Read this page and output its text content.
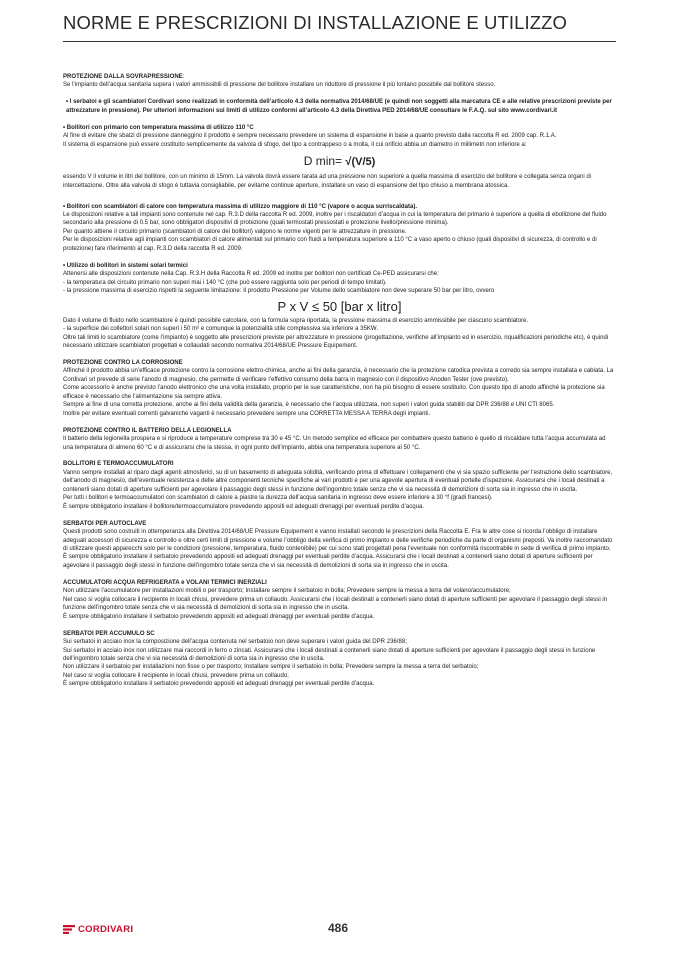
NORME E PRESCRIZIONI DI INSTALLAZIONE E UTILIZZO

PROTEZIONE DALLA SOVRAPRESSIONE:

Se l’impianto dell’acqua sanitaria supera i valori ammissibili di pressione del bollitore installare un riduttore di pressione il più lontano possibile dal bollitore stesso.

• I serbatoi e gli scambiatori Cordivari sono realizzati in conformità dell’articolo 4.3 della normativa 2014/68/UE (e quindi non soggetti alla marcatura CE e alle relative prescrizioni previste per attrezzature in pressione). Per ulteriori informazioni sui limiti di utilizzo conformi all’articolo 4.3 della Direttiva PED 2014/68/UE consultare le F.A.Q. sul sito www.cordivari.it

• Bollitori con primario con temperatura massima di utilizzo 110 °C

Al fine di evitare che sbalzi di pressione danneggino il prodotto è sempre necessario prevedere un sistema di espansione in base a quanto previsto dalla raccolta R ed. 2009 cap. R.1.A.

Il sistema di espansione può essere costituito semplicemente da valvola di sfogo, del tipo a contrappeso o a molla, il cui orificio abbia un diametro in millimetri non inferiore a:

D min= √(V/5)

essendo V il volume in litri del bollitore, con un minimo di 15mm. La valvola dovrà essere tarata ad una pressione non superiore a quella massima di esercizio del bollitore e collegata senza organi di intercettazione. Oltre alla valvola di sfogo è tuttavia consigliabile, per evitarne continue aperture, installare un vaso di espansione del tipo chiuso a membrana atossica.

• Bollitori con scambiatori di calore con temperatura massima di utilizzo maggiore di 110 °C (vapore o acqua surriscaldata).

Le disposizioni relative a tali impianti sono contenute nel cap. R.3.D della raccolta R ed. 2009, inoltre per i riscaldatori d’acqua in cui la temperatura del primario è superiore a quella di ebollizione del fluido secondario alla pressione di 0.5 bar, sono obbligatori dispositivi di protezione (quali termostati pressostati e protezione livello/pressione minima).

Per quanto attiene il circuito primario (scambiatori di calore dei bollitori) valgono le norme vigenti per le attrezzature in pressione.

Per le disposizioni relative agli impianti con scambiatori di calore alimentati sul primario con fluidi a temperatura superiore a 110 °C a vaso aperto o chiuso (quali dispositivi di sicurezza, di controllo e di protezione) fare riferimento al cap. R.3.D della raccolta R ed. 2009.

• Utilizzo di bollitori in sistemi solari termici

Attenersi alle disposizioni contenute nella Cap. R.3.H della Raccolta R ed. 2009 ed inoltre per bollitori non certificati Ce-PED assicurarsi che:

- la temperatura del circuito primario non superi mai i 140 °C (che può essere raggiunta solo per periodi di tempo limitati).

- la pressione massima di esercizio rispetti la seguente limitazione: Il prodotto Pressione per Volume dello scambiatore non deve superare 50 bar per litro, ovvero

P x V ≤ 50 [bar x litro]

Dato il volume di fluido nello scambiatore è quindi possibile calcolare, con la formula sopra riportata, la pressione massima di esercizio ammissibile per ciascuno scambiatore.

- la superficie dei collettori solari non superi i 50 m² e comunque la potenzialità utile complessiva sia inferiore a 35KW.

Oltre tali limiti lo scambiatore (come l’impianto) è soggetto alle prescrizioni previste per attrezzature in pressione (progettazione, verifiche all’impianto ed in esercizio, riqualificazioni periodiche etc), è quindi necessario utilizzare scambiatori progettati e collaudati secondo normativa 2014/68/UE Pressure Equipement.

PROTEZIONE CONTRO LA CORROSIONE

Affinché il prodotto abbia un’efficace protezione contro la corrosione elettro-chimica, anche ai fini della garanzia, è necessario che la protezione catodica prevista a corredo sia sempre installata e cablata. La Cordivari srl prevede di serie l’anodo di magnesio, che permette di verificare l’effettivo consumo della barra in magnesio con il dispositivo Anoden Tester (ove previsto).

Come accessorio è anche previsto l’anodo elettronico che una volta installato, proprio per le sue caratteristiche, non ha più bisogno di essere sostituito. Con questo tipo di anodo affinché la protezione sia efficace è necessario che l’alimentazione sia sempre attiva.

Sempre ai fine di una corretta protezione, anche ai fini della validità della garanzia, è necessario che l’acqua utilizzata, non superi i valori guida stabiliti dal DPR 236/88 e UNI CTI 8065.

Inoltre per evitare eventuali correnti galvaniche vaganti è necessario prevedere sempre una CORRETTA MESSA A TERRA degli impianti.

PROTEZIONE CONTRO IL BATTERIO DELLA LEGIONELLA

Il batterio della legionella prospera e si riproduce a temperature comprese tra 30 e 45 °C. Un metodo semplice ed efficace per combattere questo batterio è quello di riscaldare tutta l’acqua accumulata ad una temperatura di almeno 60 °C e di assicurarsi che la stessa, in ogni punto dell’impianto, abbia una temperatura superiore ai 50 °C.

BOLLITORI E TERMOACCUMULATORI

Vanno sempre installati al riparo dagli agenti atmosferici, su di un basamento di adeguata solidità, verificando prima di effettuare i collegamenti che vi sia spazio sufficiente per l’estrazione dello scambiatore, dell’anodo di magnesio, dell’eventuale resistenza e delle altre componenti tecniche specifiche ai vari prodotti e per una agevole apertura di eventuali portelle d’ispezione. Assicurarsi che i locali destinati a contenerli siano dotati di aperture sufficienti per agevolare il passaggio degli stessi in funzione dell’ingombro totale senza che vi sia necessità di demolizioni di sorta sia in ingresso che in uscita.

Per tutti i bollitori e termoaccumulatori con scambiatori di calore a piastre la durezza dell’acqua sanitaria in ingresso deve essere inferiore a 30 °f (gradi francesi).

È sempre obbligatorio installare il bollitore/termoaccumulatore prevedendo appositi ed adeguati drenaggi per eventuali perdite d’acqua.

SERBATOI PER AUTOCLAVE

Questi prodotti sono costruiti in ottemperanza alla Direttiva 2014/68/UE Pressure Equipement e vanno installati secondo le prescrizioni della Raccolta E. Fra le altre cose si ricorda l’obbligo di installare adeguati accessori di sicurezza e controllo e oltre certi limiti di pressione e volume l’obbligo della verifica di primo impianto e delle verifiche periodiche da parte di organismi preposti. Va inoltre raccomandato di utilizzare questi apparecchi solo per le condizioni (pressione, temperatura, fluido contenibile) per cui sono stati progettati pena l’eventuale non conformità riscontrabile in sede di verifica di primo impianto. È sempre obbligatorio installare il serbatoio prevedendo appositi ed adeguati drenaggi per eventuali perdite d’acqua. Assicurarsi che i locali destinati a contenerli siano dotati di aperture sufficienti per agevolare il passaggio degli stessi in funzione dell’ingombro totale senza che vi sia necessità di demolizioni di sorta sia in ingresso che in uscita.

ACCUMULATORI ACQUA REFRIGERATA e VOLANI TERMICI INERZIALI

Non utilizzare l’accumulatore per installazioni mobili o per trasporto; Installare sempre il serbatoio in bolla; Prevedere sempre la messa a terra del volano/accumulatore;

Nel caso si voglia collocare il recipiente in locali chiusi, prevedere prima un collaudo. Assicurarsi che i locali destinati a contenerli siano dotati di aperture sufficienti per agevolare il passaggio degli stessi in funzione dell’ingombro totale senza che vi sia necessità di demolizioni di sorta sia in ingresso che in uscita.

È sempre obbligatorio installare il serbatoio prevedendo appositi ed adeguati drenaggi per eventuali perdite d’acqua.

SERBATOI PER ACCUMULO SC

Sui serbatoi in acciaio inox la composizione dell’acqua contenuta nel serbatoio non deve superare i valori guida del DPR 236/88;

Sui serbatoi in acciaio inox non utilizzare mai raccordi in ferro o zincati. Assicurarsi che i locali destinati a contenerli siano dotati di aperture sufficienti per agevolare il passaggio degli stessi in funzione dell’ingombro totale senza che vi sia necessità di demolizioni di sorta sia in ingresso che in uscita.

Non utilizzare il serbatoio per installazioni non fisse o per trasporto; Installare sempre il serbatoio in bolla; Prevedere sempre la messa a terra del serbatoio;

Nel caso si voglia collocare il recipiente in locali chiusi, prevedere prima un collaudo;

È sempre obbligatorio installare il serbatoio prevedendo appositi ed adeguati drenaggi per eventuali perdite d’acqua.

CORDIVARI	486
